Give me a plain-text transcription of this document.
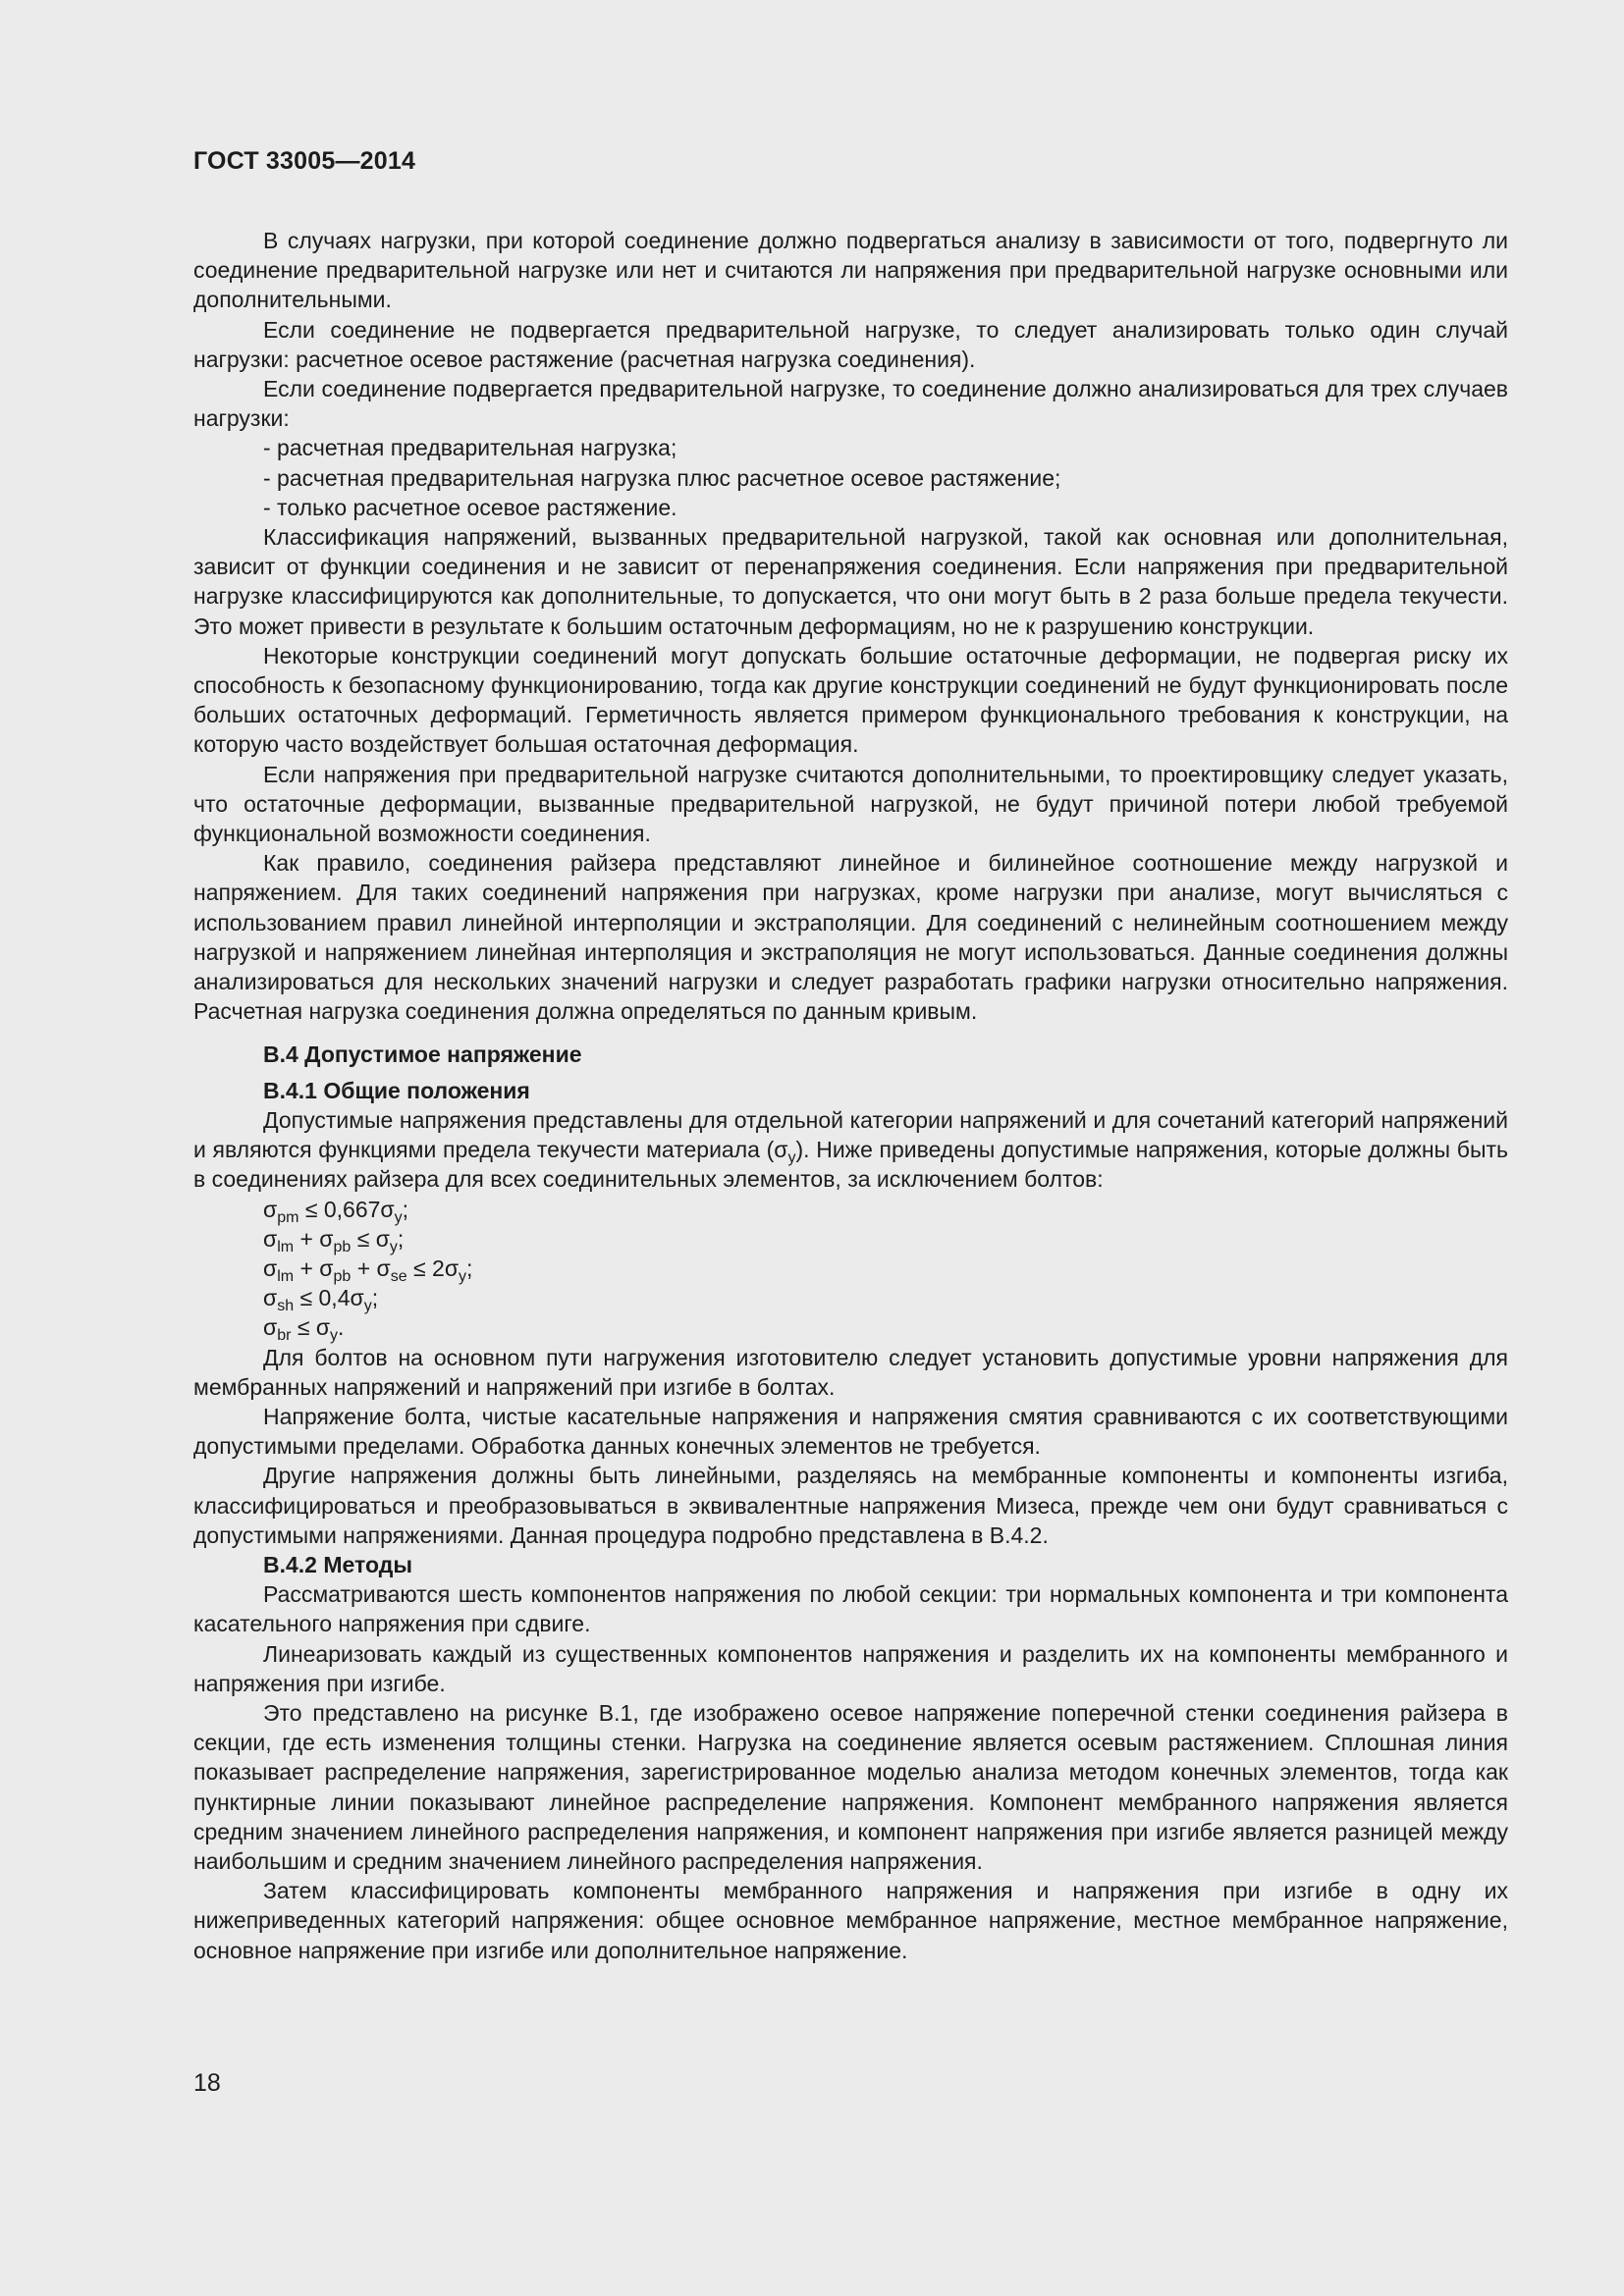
ГОСТ 33005—2014

В случаях нагрузки, при которой соединение должно подвергаться анализу в зависимости от того, подвергнуто ли соединение предварительной нагрузке или нет и считаются ли напряжения при предварительной нагрузке основными или дополнительными.

Если соединение не подвергается предварительной нагрузке, то следует анализировать только один случай нагрузки: расчетное осевое растяжение (расчетная нагрузка соединения).

Если соединение подвергается предварительной нагрузке, то соединение должно анализироваться для трех случаев нагрузки:

- расчетная предварительная нагрузка;

- расчетная предварительная нагрузка плюс расчетное осевое растяжение;

- только расчетное осевое растяжение.

Классификация напряжений, вызванных предварительной нагрузкой, такой как основная или дополнительная, зависит от функции соединения и не зависит от перенапряжения соединения. Если напряжения при предварительной нагрузке классифицируются как дополнительные, то допускается, что они могут быть в 2 раза больше предела текучести. Это может привести в результате к большим остаточным деформациям, но не к разрушению конструкции.

Некоторые конструкции соединений могут допускать большие остаточные деформации, не подвергая риску их способность к безопасному функционированию, тогда как другие конструкции соединений не будут функционировать после больших остаточных деформаций. Герметичность является примером функционального требования к конструкции, на которую часто воздействует большая остаточная деформация.

Если напряжения при предварительной нагрузке считаются дополнительными, то проектировщику следует указать, что остаточные деформации, вызванные предварительной нагрузкой, не будут причиной потери любой требуемой функциональной возможности соединения.

Как правило, соединения райзера представляют линейное и билинейное соотношение между нагрузкой и напряжением. Для таких соединений напряжения при нагрузках, кроме нагрузки при анализе, могут вычисляться с использованием правил линейной интерполяции и экстраполяции. Для соединений с нелинейным соотношением между нагрузкой и напряжением линейная интерполяция и экстраполяция не могут использоваться. Данные соединения должны анализироваться для нескольких значений нагрузки и следует разработать графики нагрузки относительно напряжения. Расчетная нагрузка соединения должна определяться по данным кривым.

В.4 Допустимое напряжение

В.4.1 Общие положения

Допустимые напряжения представлены для отдельной категории напряжений и для сочетаний категорий напряжений и являются функциями предела текучести материала $(\sigma_y)$. Ниже приведены допустимые напряжения, которые должны быть в соединениях райзера для всех соединительных элементов, за исключением болтов:

$\sigma_{pm} \le 0,667\sigma_y$;

$\sigma_{lm} + \sigma_{pb} \le \sigma_y$;

$\sigma_{lm} + \sigma_{pb} + \sigma_{se} \le 2\sigma_y$;

$\sigma_{sh} \le 0,4\sigma_y$;

$\sigma_{br} \le \sigma_y$.

Для болтов на основном пути нагружения изготовителю следует установить допустимые уровни напряжения для мембранных напряжений и напряжений при изгибе в болтах.

Напряжение болта, чистые касательные напряжения и напряжения смятия сравниваются с их соответствующими допустимыми пределами. Обработка данных конечных элементов не требуется.

Другие напряжения должны быть линейными, разделяясь на мембранные компоненты и компоненты изгиба, классифицироваться и преобразовываться в эквивалентные напряжения Мизеса, прежде чем они будут сравниваться с допустимыми напряжениями. Данная процедура подробно представлена в В.4.2.

В.4.2 Методы

Рассматриваются шесть компонентов напряжения по любой секции: три нормальных компонента и три компонента касательного напряжения при сдвиге.

Линеаризовать каждый из существенных компонентов напряжения и разделить их на компоненты мембранного и напряжения при изгибе.

Это представлено на рисунке В.1, где изображено осевое напряжение поперечной стенки соединения райзера в секции, где есть изменения толщины стенки. Нагрузка на соединение является осевым растяжением. Сплошная линия показывает распределение напряжения, зарегистрированное моделью анализа методом конечных элементов, тогда как пунктирные линии показывают линейное распределение напряжения. Компонент мембранного напряжения является средним значением линейного распределения напряжения, и компонент напряжения при изгибе является разницей между наибольшим и средним значением линейного распределения напряжения.

Затем классифицировать компоненты мембранного напряжения и напряжения при изгибе в одну их нижеприведенных категорий напряжения: общее основное мембранное напряжение, местное мембранное напряжение, основное напряжение при изгибе или дополнительное напряжение.

18
